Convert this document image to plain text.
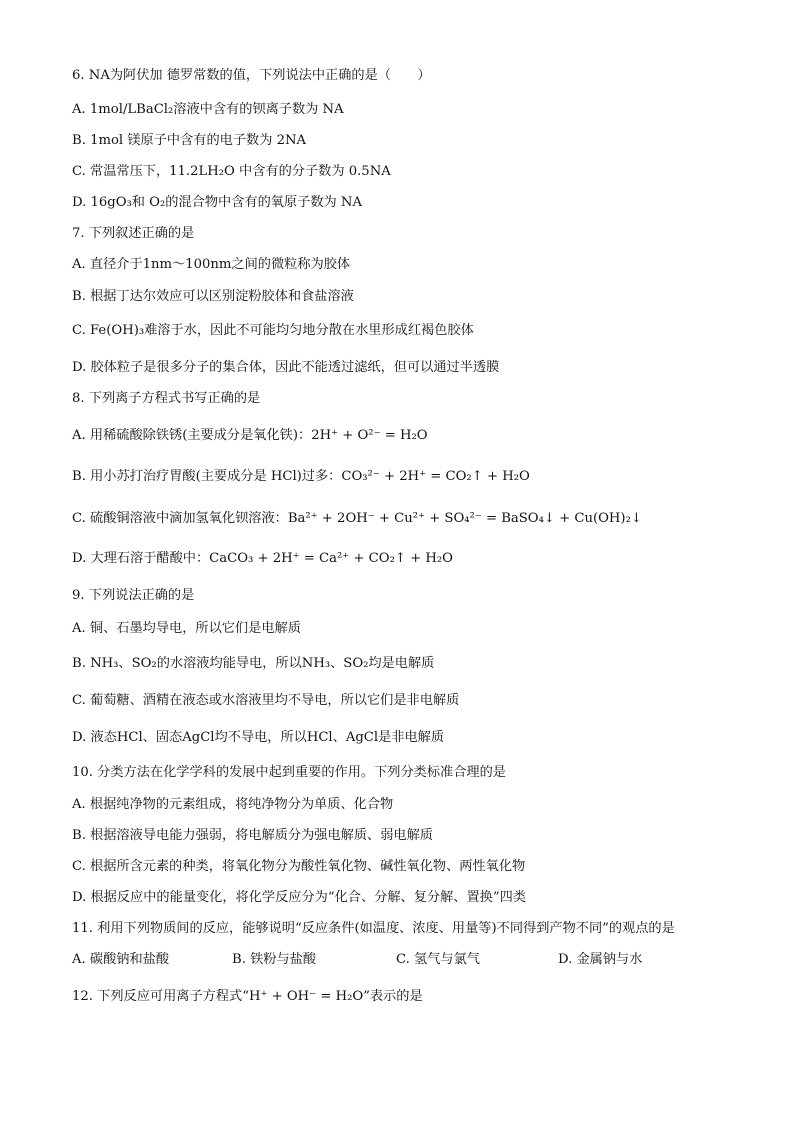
6. NA为阿伏加 德罗常数的值，下列说法中正确的是（　　）
A. 1mol/LBaCl₂溶液中含有的钡离子数为 NA
B. 1mol 镁原子中含有的电子数为 2NA
C. 常温常压下，11.2LH₂O 中含有的分子数为 0.5NA
D. 16gO₃和 O₂的混合物中含有的氧原子数为 NA
7. 下列叙述正确的是
A. 直径介于1nm～100nm之间的微粒称为胶体
B. 根据丁达尔效应可以区别淀粉胶体和食盐溶液
C. Fe(OH)₃难溶于水，因此不可能均匀地分散在水里形成红褐色胶体
D. 胶体粒子是很多分子的集合体，因此不能透过滤纸，但可以通过半透膜
8. 下列离子方程式书写正确的是
A. 用稀硫酸除铁锈(主要成分是氧化铁)：2H⁺ + O²⁻ = H₂O
B. 用小苏打治疗胃酸(主要成分是 HCl)过多：CO₃²⁻ + 2H⁺ = CO₂↑ + H₂O
C. 硫酸铜溶液中滴加氢氧化钡溶液：Ba²⁺ + 2OH⁻ + Cu²⁺ + SO₄²⁻ = BaSO₄↓ + Cu(OH)₂↓
D. 大理石溶于醋酸中：CaCO₃ + 2H⁺ = Ca²⁺ + CO₂↑ + H₂O
9. 下列说法正确的是
A. 铜、石墨均导电，所以它们是电解质
B. NH₃、SO₂的水溶液均能导电，所以NH₃、SO₂均是电解质
C. 葡萄糖、酒精在液态或水溶液里均不导电，所以它们是非电解质
D. 液态HCl、固态AgCl均不导电，所以HCl、AgCl是非电解质
10. 分类方法在化学学科的发展中起到重要的作用。下列分类标准合理的是
A. 根据纯净物的元素组成，将纯净物分为单质、化合物
B. 根据溶液导电能力强弱，将电解质分为强电解质、弱电解质
C. 根据所含元素的种类，将氧化物分为酸性氧化物、碱性氧化物、两性氧化物
D. 根据反应中的能量变化，将化学反应分为“化合、分解、复分解、置换”四类
11. 利用下列物质间的反应，能够说明“反应条件(如温度、浓度、用量等)不同得到产物不同”的观点的是
A. 碳酸钠和盐酸	B. 铁粉与盐酸	C. 氢气与氯气	D. 金属钠与水
12. 下列反应可用离子方程式“H⁺ + OH⁻ = H₂O”表示的是
